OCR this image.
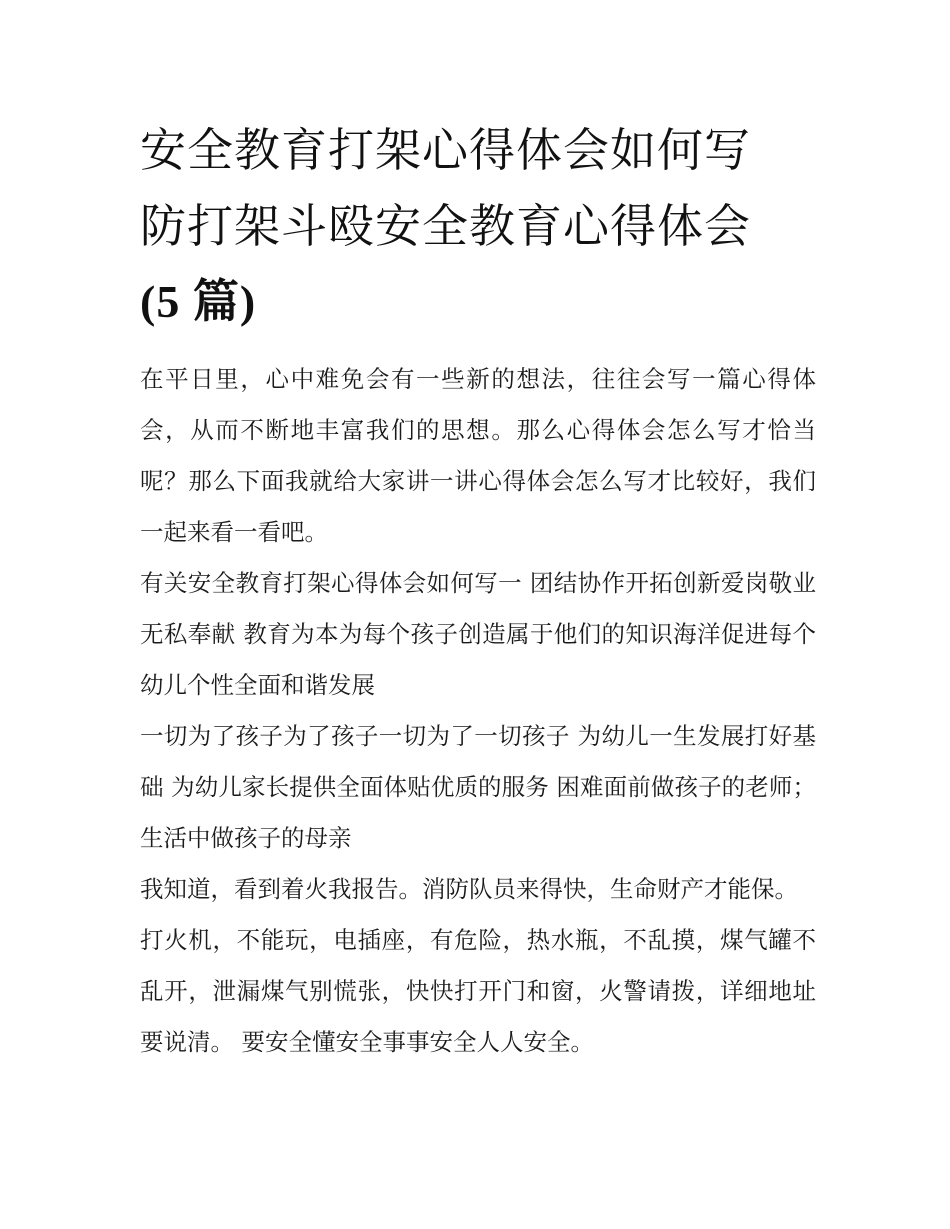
安全教育打架心得体会如何写
防打架斗殴安全教育心得体会
(5 篇)

在平日里，心中难免会有一些新的想法，往往会写一篇心得体会，从而不断地丰富我们的思想。那么心得体会怎么写才恰当呢？那么下面我就给大家讲一讲心得体会怎么写才比较好，我们一起来看一看吧。

有关安全教育打架心得体会如何写一 团结协作开拓创新爱岗敬业无私奉献 教育为本为每个孩子创造属于他们的知识海洋促进每个幼儿个性全面和谐发展

一切为了孩子为了孩子一切为了一切孩子 为幼儿一生发展打好基础 为幼儿家长提供全面体贴优质的服务 困难面前做孩子的老师；生活中做孩子的母亲

我知道，看到着火我报告。消防队员来得快，生命财产才能保。

打火机，不能玩，电插座，有危险，热水瓶，不乱摸，煤气罐不乱开，泄漏煤气别慌张，快快打开门和窗，火警请拨，详细地址要说清。 要安全懂安全事事安全人人安全。
